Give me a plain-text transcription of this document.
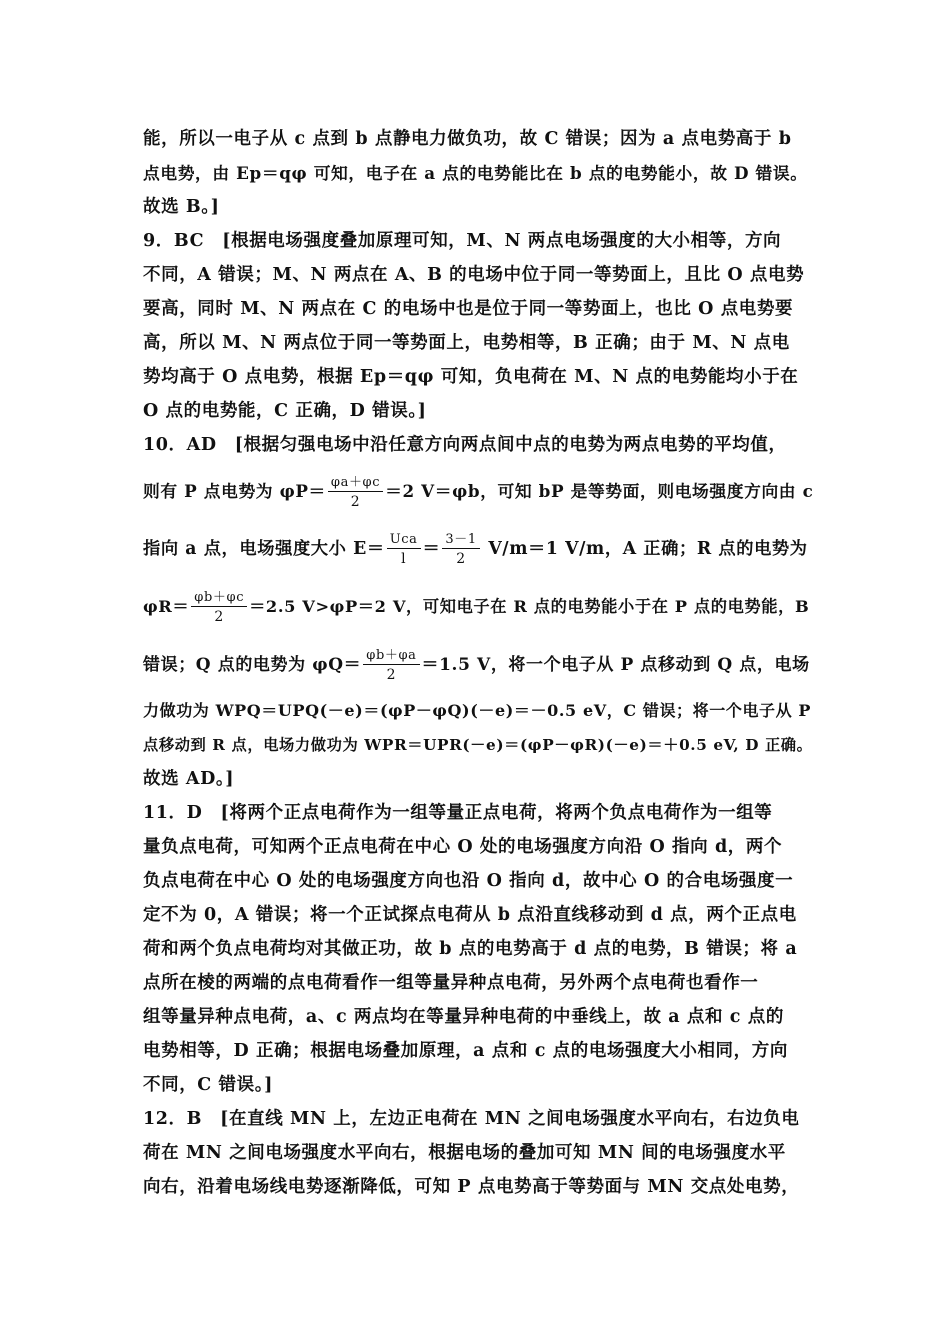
能，所以一电子从 c 点到 b 点静电力做负功，故 C 错误；因为 a 点电势高于 b
点电势，由 Ep＝qφ 可知，电子在 a 点的电势能比在 b 点的电势能小，故 D 错误。
故选 B。]
9．BC　[根据电场强度叠加原理可知，M、N 两点电场强度的大小相等，方向
不同，A 错误；M、N 两点在 A、B 的电场中位于同一等势面上，且比 O 点电势
要高，同时 M、N 两点在 C 的电场中也是位于同一等势面上，也比 O 点电势要
高，所以 M、N 两点位于同一等势面上，电势相等，B 正确；由于 M、N 点电
势均高于 O 点电势，根据 Ep＝qφ 可知，负电荷在 M、N 点的电势能均小于在
O 点的电势能，C 正确，D 错误。]
10．AD　[根据匀强电场中沿任意方向两点间中点的电势为两点电势的平均值，
则有 P 点电势为 $\varphi P= \frac{\varphi a+\varphi c}{2} =2$ V＝φb，可知 bP 是等势面，则电场强度方向由 c
指向 a 点，电场强度大小 $E= \frac{\text{Uca}}{l} = \frac{3-1}{2} V/m=1$ V/m，A 正确；R 点的电势为
$\varphi R= \frac{\varphi b+\varphi c}{2} =2.5$ V>φP＝2 V，可知电子在 R 点的电势能小于在 P 点的电势能，B
错误；Q 点的电势为 $\varphi Q= \frac{\varphi b+\varphi a}{2} =1.5$ V，将一个电子从 P 点移动到 Q 点，电场
力做功为 WPQ＝UPQ(－e)＝(φP－φQ)(－e)＝－0.5 eV，C 错误；将一个电子从 P
点移动到 R 点，电场力做功为 WPR＝UPR(－e)＝(φP－φR)(－e)＝＋0.5 eV, D 正确。
故选 AD。]
11．D　[将两个正点电荷作为一组等量正点电荷，将两个负点电荷作为一组等
量负点电荷，可知两个正点电荷在中心 O 处的电场强度方向沿 O 指向 d，两个
负点电荷在中心 O 处的电场强度方向也沿 O 指向 d，故中心 O 的合电场强度一
定不为 0，A 错误；将一个正试探点电荷从 b 点沿直线移动到 d 点，两个正点电
荷和两个负点电荷均对其做正功，故 b 点的电势高于 d 点的电势，B 错误；将 a
点所在棱的两端的点电荷看作一组等量异种点电荷，另外两个点电荷也看作一
组等量异种点电荷，a、c 两点均在等量异种电荷的中垂线上，故 a 点和 c 点的
电势相等，D 正确；根据电场叠加原理，a 点和 c 点的电场强度大小相同，方向
不同，C 错误。]
12．B　[在直线 MN 上，左边正电荷在 MN 之间电场强度水平向右，右边负电
荷在 MN 之间电场强度水平向右，根据电场的叠加可知 MN 间的电场强度水平
向右，沿着电场线电势逐渐降低，可知 P 点电势高于等势面与 MN 交点处电势，
